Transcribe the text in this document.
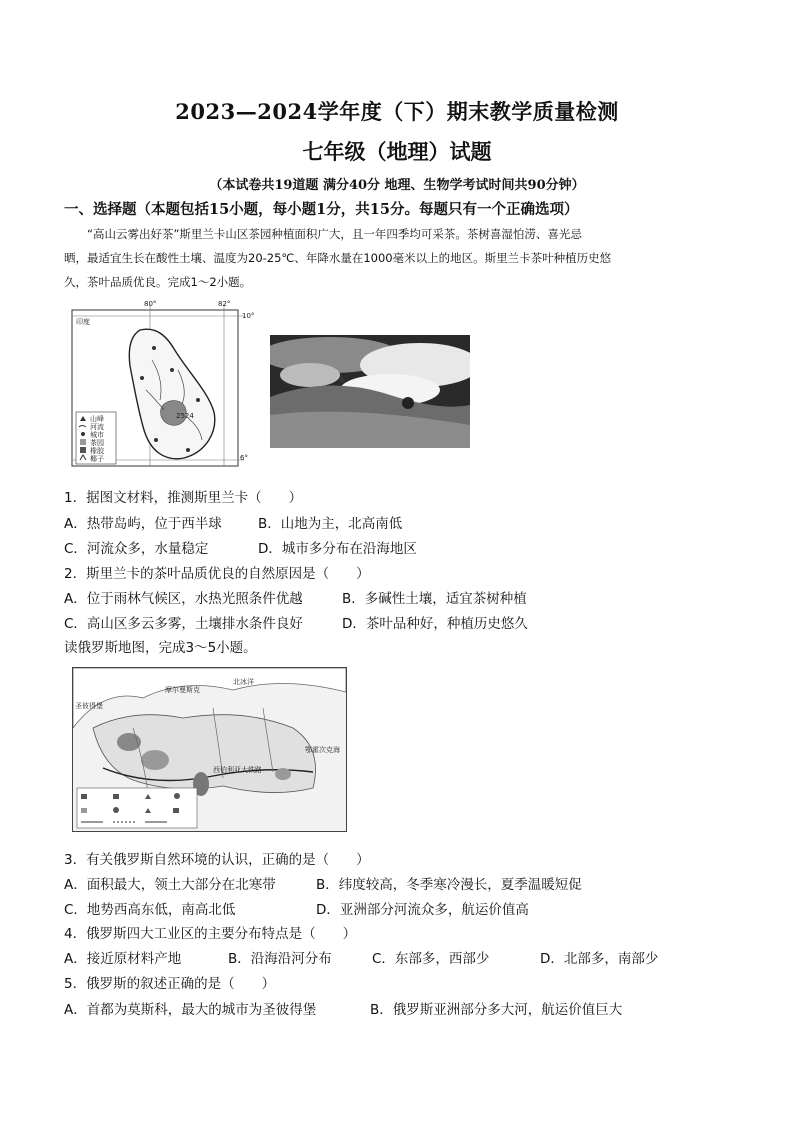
2023—2024学年度（下）期末教学质量检测
七年级（地理）试题
（本试卷共19道题 满分40分 地理、生物学考试时间共90分钟）
一、选择题（本题包括15小题，每小题1分，共15分。每题只有一个正确选项）
“高山云雾出好茶”斯里兰卡山区茶园种植面积广大，且一年四季均可采茶。茶树喜湿怕涝、喜光忌
晒，最适宜生长在酸性土壤、温度为20-25℃、年降水量在1000毫米以上的地区。斯里兰卡茶叶种植历史悠
久，茶叶品质优良。完成1～2小题。
80°	82°
10°
6°
印度
2524
山峰
河流
城市
茶园
橡胶
椰子
1．据图文材料，推测斯里兰卡（　　）
A．热带岛屿，位于西半球	B．山地为主，北高南低
C．河流众多，水量稳定	D．城市多分布在沿海地区
2．斯里兰卡的茶叶品质优良的自然原因是（　　）
A．位于雨林气候区，水热光照条件优越	B．多碱性土壤，适宜茶树种植
C．高山区多云多雾，土壤排水条件良好	D．茶叶品种好，种植历史悠久
读俄罗斯地图，完成3～5小题。
摩尔曼斯克
北冰洋
圣彼得堡
鄂霍次克海
西伯利亚大铁路
3．有关俄罗斯自然环境的认识，正确的是（　　）
A．面积最大，领土大部分在北寒带	B．纬度较高，冬季寒冷漫长，夏季温暖短促
C．地势西高东低，南高北低	D．亚洲部分河流众多，航运价值高
4．俄罗斯四大工业区的主要分布特点是（　　）
A．接近原材料产地	B．沿海沿河分布	C．东部多，西部少	D．北部多，南部少
5．俄罗斯的叙述正确的是（　　）
A．首都为莫斯科，最大的城市为圣彼得堡	B．俄罗斯亚洲部分多大河，航运价值巨大
